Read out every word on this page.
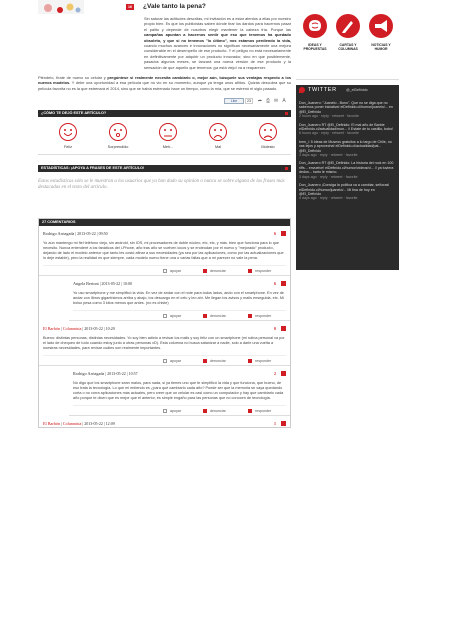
16	¿Vale tanto la pena?

Sin saturar las actitudes descritas, mi invitación es a estar atentos a ellas por nuestro propio bien. Es que los publicistas saben dónde tirar los dardos para hacernos pasar el palito y depende de nosotros elegir mantener la cabeza fría. Porque las campañas apuntan a hacernos sentir que eso que tenemos ha quedado obsoleto, y que si no tenemos "lo último", nos estamos perdiendo la vida, cuando muchos avances e innovaciones no significan necesariamente una mejora considerable en el desempeño de ese producto. Y el peligro no está necesariamente en definitivamente por adquirir un producto innovador, sino en que posiblemente, pasados algunos meses, se lanzará una nueva versión de ese producto y la sensación de que aquello que tenemos ¡ya está viejo! va a reaparecer.

Pténdelo, fírate de nuevo su celular y pregúntese si realmente necesita cambiarlo o, mejor aún, búsquele sus ventajas respecto a los nuevos modelos. Y debe una oportunidad a esa película que no vio en su momento, aunque ya tenga unos añitos. Quizás descubra que su película favorita no es la que estrenará el 2014, sino que se había estrenado hace un tiempo, como la mía, que se estrenó el siglo pasado.

Like	23	➦ ⎙ ✉ A
¿CÓMO TE DEJÓ ESTE ARTÍCULO?
Feliz	Sorprendido	Meh...	Mal	Molesto
ESTADÍSTICAS: ¡APOYA A FRASES DE ESTE ARTÍCULO!
Estas estadísticas sólo se le muestran a los usuarios que ya han dado su opinión o nunca se sobre alguna de las frases más destacadas en el texto del artículo.
27 COMENTARIOS
Rodrigo Arriagada | 2013-05-22 | 09:50	6
Yo aún mantengo mi fiel teléfono viejo, sin android, sin IOS, mi procesadores de doble núcleo, etc, etc, y más. bien que funciona para lo que necesito. Nunca entenderé a los fanáticos del i-Phone, año tras año se vuelven locos y se endeudan por el nuevo y "mejorado" producto, dejando de lado el modelo anterior que tanto les costó afinar a sus necesidades (ya sea por las aplicaciones, como por las actualizaciones que lo deje estable), pero la realidad es que siempre, cada modelo nuevo tiene una o varias fallas que a mí parecer no vale la pena.
apoyar	denunciar	responder
Angela Bertoni | 2013-05-22 | 10:00	6
Yo uso smartphone y me simplificó la vida. En vez de andar con el note para todos lados, ando con el smartphone. En vez de andar con libros gigantísimos arriba y abajo, los descargo en el celu y leo ahí. Me llegan los avisos y mails enseguida, etc. Mi bolso pesa como 3 kilos menos que antes. (no es chiste)
apoyar	denunciar	responder
El Barbón | Columnista | 2013-05-22 | 10:20	0
Bueno: distintas personas, distintas necesidades. Yo soy bien adicto a revisar los mails y soy feliz con un smartphone (mi rutina personal va por el lado de chequeo de todo cuando estoy junto a otras personas xD). Esta columna no busca satanizar a nadie, solo a darle una vuelta a nuestras necesidades, para revisar cuáles son realmente importantes.
apoyar	denunciar	responder
Rodrigo Arriagada | 2013-05-22 | 10:57	2
No digo que los smartphone sean malos, para nada, si ya tienes uno que te simplificó la vida y que funciona, que bueno, de eso trata la tecnología. Lo que mi entiendo es ¿para qué cambiarlo cada año? Puede ser que la memoria se vaya quedando corta o no corra aplicaciones más actuales, pero creer que un celular es casi como un computador y hay que cambiarlo cada año porque te dicen que es mejor que el anterior, es simple engaño para las personas que no conocen de tecnología.
apoyar	denunciar	responder
El Barbón | Columnista | 2013-05-22 | 12:09	1
IDEAS Y PROPUESTAS
CARTAS Y COLUMNAS
NOTICIAS Y HUMOR
TWITTER	@_elDefinido
Don_Juanero: "Juanelo - Bono". Que no se diga que no sabemos poner iniciativa! elDefinido.cl/humor/juanelo/... en @El_Definido
2 hours ago · reply · retweet · favorite
Don_Juanero RT @El_Definido: El mal año de Barbie elDefinido.cl/actualidad/mun... // Estate de tu castillo, bobo!
6 hours ago · reply · retweet · favorite
bmn_i: 5 ideas de Museos gratuitos a lo largo de Chile, no vas lejos y aprovecha! elDefinido.cl/actualidad/pai... @El_Definido
3 days ago · reply · retweet · favorite
Don_Juanero RT @El_Definido: La historia del rock en 100 riffs... envuelve! elDefinido.cl/humor/videos/vi... // ya tuviera dedos... harto le mismo.
3 days ago · reply · retweet · favorite
Don_Juanero ¡Consiga la política va a cambiar, señoras! elDefinido.cl/humor/juanelo/... Mi tina de hoy en @El_Definido
4 days ago · reply · retweet · favorite
